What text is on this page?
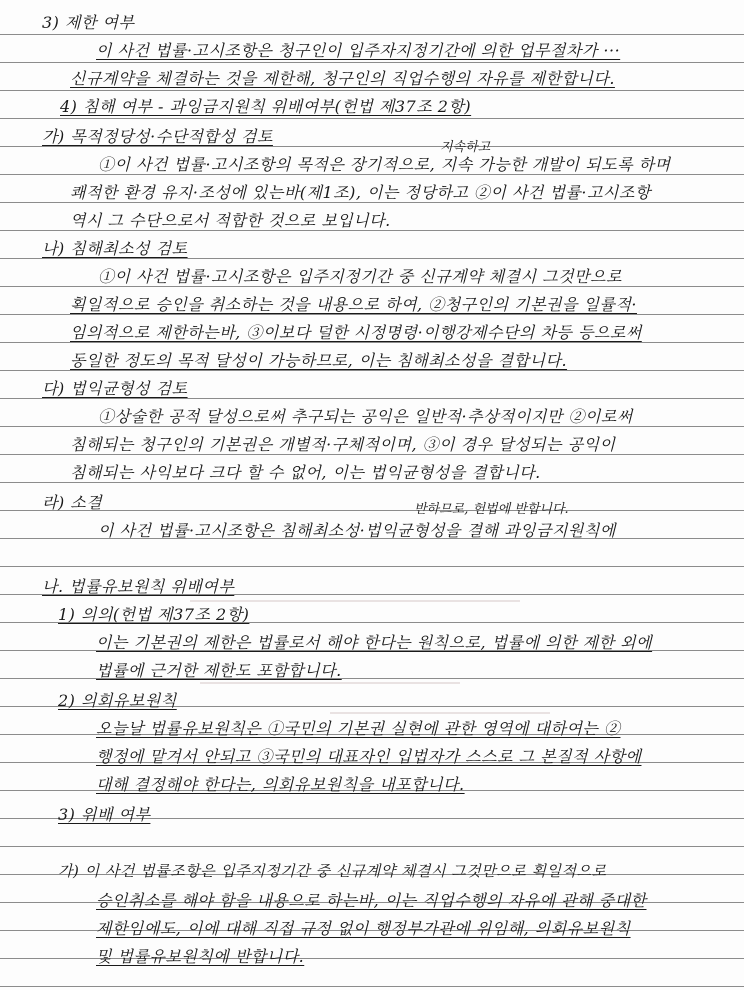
3) 제한 여부
이 사건 법률·고시조항은 청구인이 입주자지정기간에 의한 업무절차가 ···
신규계약을 체결하는 것을 제한해, 청구인의 직업수행의 자유를 제한합니다.
4) 침해 여부 - 과잉금지원칙 위배여부(헌법 제37조 2항)
가) 목적정당성·수단적합성 검토
지속하고
①이 사건 법률·고시조항의 목적은 장기적으로, 지속 가능한 개발이 되도록 하며
쾌적한 환경 유지·조성에 있는바(제1조), 이는 정당하고 ②이 사건 법률·고시조항
역시 그 수단으로서 적합한 것으로 보입니다.
나) 침해최소성 검토
①이 사건 법률·고시조항은 입주지정기간 중 신규계약 체결시 그것만으로
획일적으로 승인을 취소하는 것을 내용으로 하여, ②청구인의 기본권을 일률적·
임의적으로 제한하는바, ③이보다 덜한 시정명령·이행강제수단의 차등 등으로써
동일한 정도의 목적 달성이 가능하므로, 이는 침해최소성을 결합니다.
다) 법익균형성 검토
①상술한 공적 달성으로써 추구되는 공익은 일반적·추상적이지만 ②이로써
침해되는 청구인의 기본권은 개별적·구체적이며, ③이 경우 달성되는 공익이
침해되는 사익보다 크다 할 수 없어, 이는 법익균형성을 결합니다.
라) 소결	반하므로, 헌법에 반합니다.
이 사건 법률·고시조항은 침해최소성·법익균형성을 결해 과잉금지원칙에
나. 법률유보원칙 위배여부
1) 의의(헌법 제37조 2항)
이는 기본권의 제한은 법률로서 해야 한다는 원칙으로, 법률에 의한 제한 외에
법률에 근거한 제한도 포함합니다.
2) 의회유보원칙
오늘날 법률유보원칙은 ①국민의 기본권 실현에 관한 영역에 대하여는 ②
행정에 맡겨서 안되고 ③국민의 대표자인 입법자가 스스로 그 본질적 사항에
대해 결정해야 한다는, 의회유보원칙을 내포합니다.
3) 위배 여부
가) 이 사건 법률조항은 입주지정기간 중 신규계약 체결시 그것만으로 획일적으로
승인취소를 해야 함을 내용으로 하는바, 이는 직업수행의 자유에 관해 중대한
제한임에도, 이에 대해 직접 규정 없이 행정부가관에 위임해, 의회유보원칙
및 법률유보원칙에 반합니다.
